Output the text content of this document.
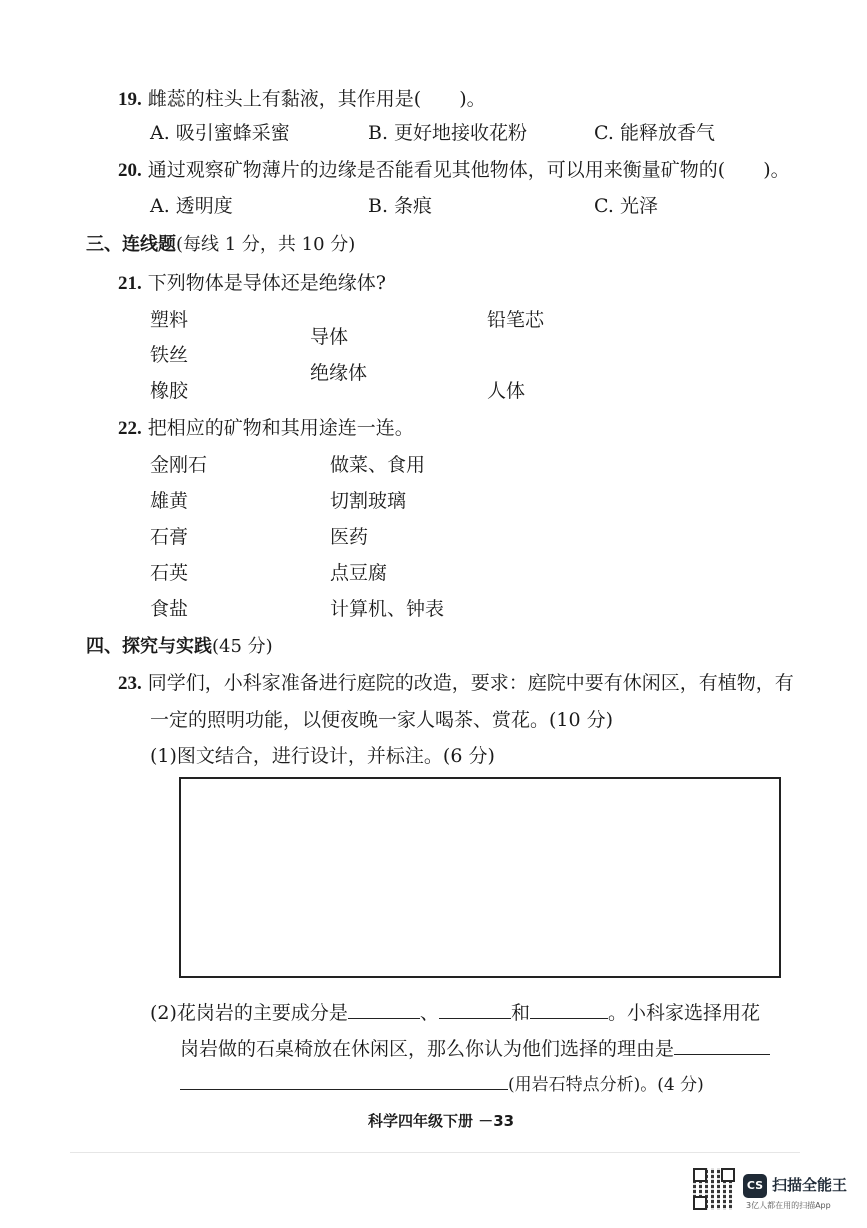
19. 雌蕊的柱头上有黏液，其作用是(　　)。
A. 吸引蜜蜂采蜜	B. 更好地接收花粉	C. 能释放香气
20. 通过观察矿物薄片的边缘是否能看见其他物体，可以用来衡量矿物的(　　)。
A. 透明度	B. 条痕	C. 光泽
三、连线题(每线 1 分，共 10 分)
21. 下列物体是导体还是绝缘体?
塑料
铁丝
橡胶
导体
绝缘体
铅笔芯
人体
22. 把相应的矿物和其用途连一连。
金刚石
雄黄
石膏
石英
食盐
做菜、食用
切割玻璃
医药
点豆腐
计算机、钟表
四、探究与实践(45 分)
23. 同学们，小科家准备进行庭院的改造，要求：庭院中要有休闲区，有植物，有
一定的照明功能，以便夜晚一家人喝茶、赏花。(10 分)
(1)图文结合，进行设计，并标注。(6 分)
(2)花岗岩的主要成分是	、	和	。小科家选择用花
岗岩做的石桌椅放在休闲区，那么你认为他们选择的理由是
(用岩石特点分析)。(4 分)
科学四年级下册 －33
CS 扫描全能王
3亿人都在用的扫描App
